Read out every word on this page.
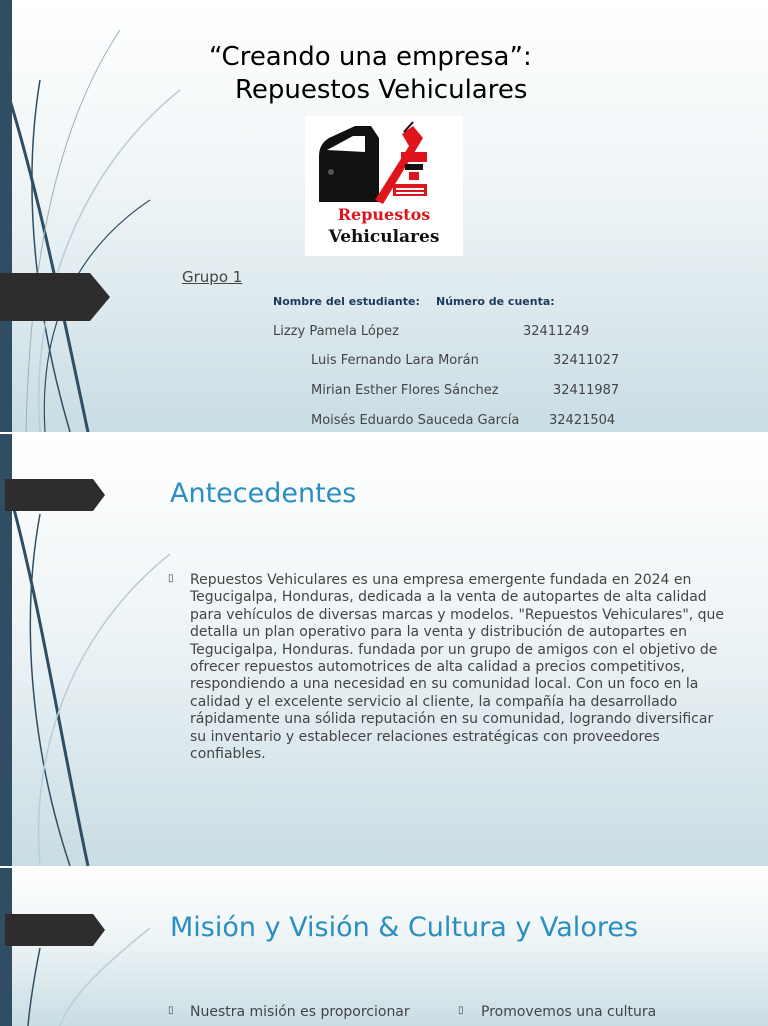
“Creando una empresa”:

Repuestos Vehiculares

Repuestos
Vehiculares

Grupo 1

Nombre del estudiante: Número de cuenta:

Lizzy Pamela López	32411249

Luis Fernando Lara Morán	32411027

Mirian Esther Flores Sánchez	32411987

Moisés Eduardo Sauceda García 32421504

Antecedentes
▯ Repuestos Vehiculares es una empresa emergente fundada en 2024 en Tegucigalpa, Honduras, dedicada a la venta de autopartes de alta calidad para vehículos de diversas marcas y modelos. "Repuestos Vehiculares", que detalla un plan operativo para la venta y distribución de autopartes en Tegucigalpa, Honduras. fundada por un grupo de amigos con el objetivo de ofrecer repuestos automotrices de alta calidad a precios competitivos, respondiendo a una necesidad en su comunidad local. Con un foco en la calidad y el excelente servicio al cliente, la compañía ha desarrollado rápidamente una sólida reputación en su comunidad, logrando diversificar su inventario y establecer relaciones estratégicas con proveedores confiables.

Misión y Visión & Cultura y Valores
▯ Nuestra misión es proporcionar	▯ Promovemos una cultura
